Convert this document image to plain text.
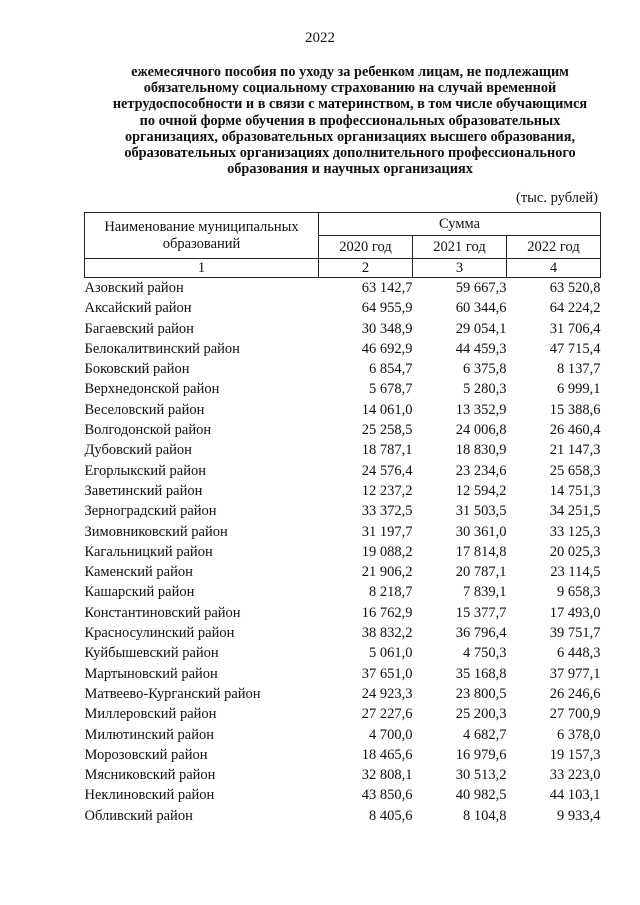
2022
ежемесячного пособия по уходу за ребенком лицам, не подлежащим
обязательному социальному страхованию на случай временной
нетрудоспособности и в связи с материнством, в том числе обучающимся
по очной форме обучения в профессиональных образовательных
организациях, образовательных организациях высшего образования,
образовательных организациях дополнительного профессионального
образования и научных организациях
(тыс. рублей)
Наименование муниципальных образований	Сумма		
	2020 год	2021 год	2022 год
1	2	3	4
Азовский район	63 142,7	59 667,3	63 520,8
Аксайский район	64 955,9	60 344,6	64 224,2
Багаевский район	30 348,9	29 054,1	31 706,4
Белокалитвинский район	46 692,9	44 459,3	47 715,4
Боковский район	6 854,7	6 375,8	8 137,7
Верхнедонской район	5 678,7	5 280,3	6 999,1
Веселовский район	14 061,0	13 352,9	15 388,6
Волгодонской район	25 258,5	24 006,8	26 460,4
Дубовский район	18 787,1	18 830,9	21 147,3
Егорлыкский район	24 576,4	23 234,6	25 658,3
Заветинский район	12 237,2	12 594,2	14 751,3
Зерноградский район	33 372,5	31 503,5	34 251,5
Зимовниковский район	31 197,7	30 361,0	33 125,3
Кагальницкий район	19 088,2	17 814,8	20 025,3
Каменский район	21 906,2	20 787,1	23 114,5
Кашарский район	8 218,7	7 839,1	9 658,3
Константиновский район	16 762,9	15 377,7	17 493,0
Красносулинский район	38 832,2	36 796,4	39 751,7
Куйбышевский район	5 061,0	4 750,3	6 448,3
Мартыновский район	37 651,0	35 168,8	37 977,1
Матвеево-Курганский район	24 923,3	23 800,5	26 246,6
Миллеровский район	27 227,6	25 200,3	27 700,9
Милютинский район	4 700,0	4 682,7	6 378,0
Морозовский район	18 465,6	16 979,6	19 157,3
Мясниковский район	32 808,1	30 513,2	33 223,0
Неклиновский район	43 850,6	40 982,5	44 103,1
Обливский район	8 405,6	8 104,8	9 933,4
